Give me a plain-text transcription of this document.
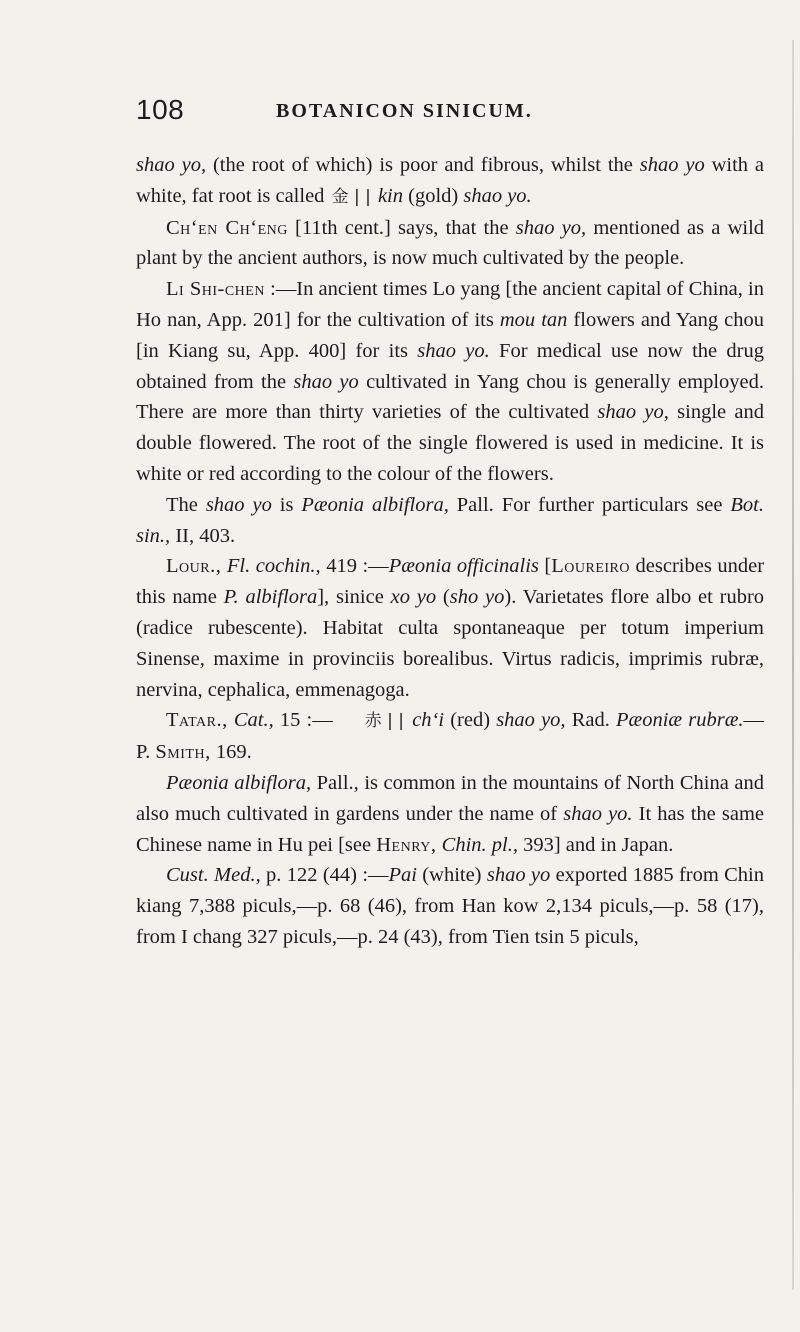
108	BOTANICON SINICUM.

shao yo, (the root of which) is poor and fibrous, whilst the shao yo with a white, fat root is called 金 | | kin (gold) shao yo.

Ch‘en Ch‘eng [11th cent.] says, that the shao yo, mentioned as a wild plant by the ancient authors, is now much cultivated by the people.

Li Shi-chen :—In ancient times Lo yang [the ancient capital of China, in Ho nan, App. 201] for the cultivation of its mou tan flowers and Yang chou [in Kiang su, App. 400] for its shao yo. For medical use now the drug obtained from the shao yo cultivated in Yang chou is generally employed. There are more than thirty varieties of the cultivated shao yo, single and double flowered. The root of the single flowered is used in medicine. It is white or red according to the colour of the flowers.

The shao yo is Pæonia albiflora, Pall. For further particulars see Bot. sin., II, 403.

Lour., Fl. cochin., 419 :—Pæonia officinalis [Loureiro describes under this name P. albiflora], sinice xo yo (sho yo). Varietates flore albo et rubro (radice rubescente). Habitat culta spontaneaque per totum imperium Sinense, maxime in provinciis borealibus. Virtus radicis, imprimis rubræ, nervina, cephalica, emmenagoga.

Tatar., Cat., 15 :— 赤 | | ch‘i (red) shao yo, Rad. Pæoniæ rubræ.—P. Smith, 169.

Pæonia albiflora, Pall., is common in the mountains of North China and also much cultivated in gardens under the name of shao yo. It has the same Chinese name in Hu pei [see Henry, Chin. pl., 393] and in Japan.

Cust. Med., p. 122 (44) :—Pai (white) shao yo exported 1885 from Chin kiang 7,388 piculs,—p. 68 (46), from Han kow 2,134 piculs,—p. 58 (17), from I chang 327 piculs,—p. 24 (43), from Tien tsin 5 piculs,
